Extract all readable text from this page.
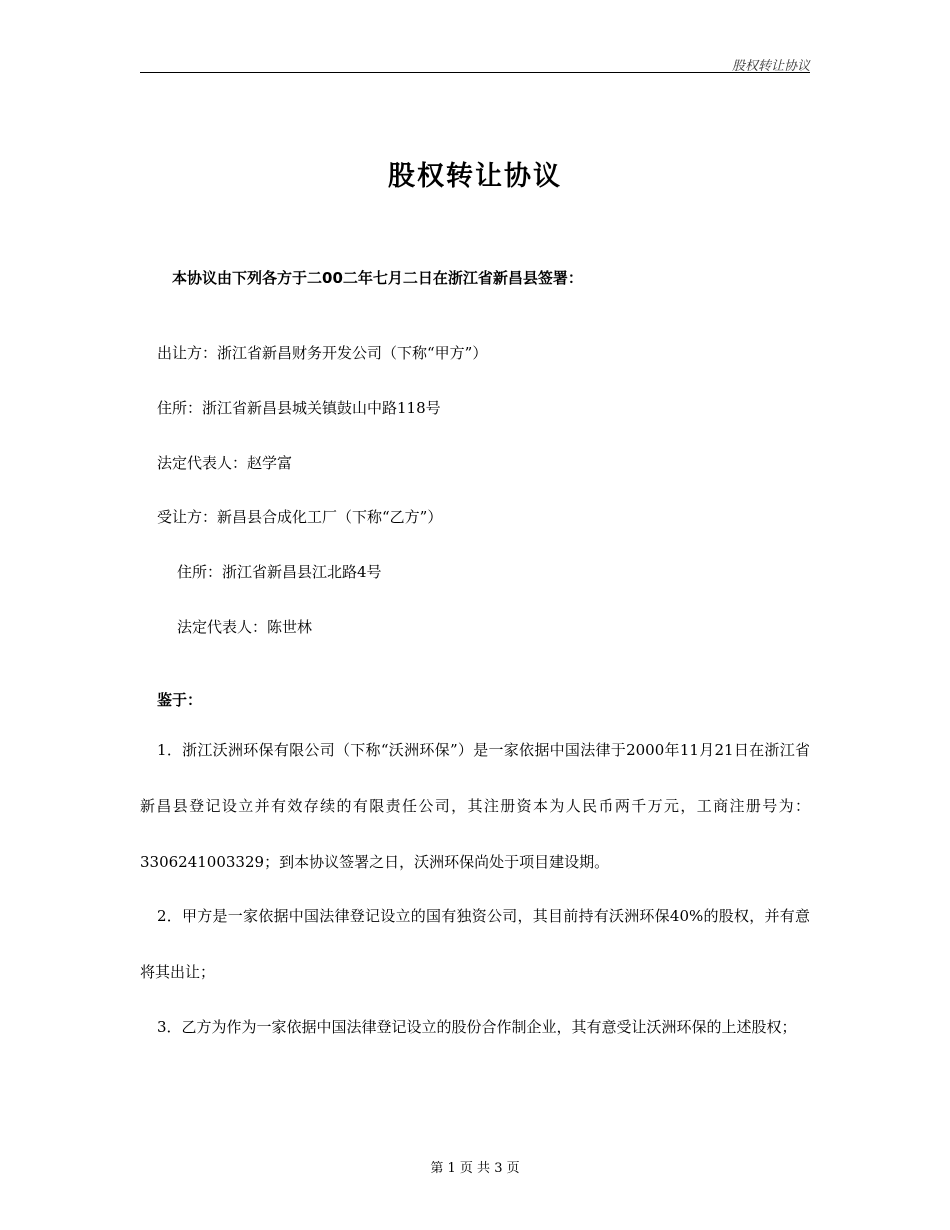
股权转让协议
股权转让协议
本协议由下列各方于二00二年七月二日在浙江省新昌县签署：
出让方：浙江省新昌财务开发公司（下称“甲方”）
住所：浙江省新昌县城关镇鼓山中路118号
法定代表人：赵学富
受让方：新昌县合成化工厂（下称“乙方”）
住所：浙江省新昌县江北路4号
法定代表人：陈世林
鉴于：
1．浙江沃洲环保有限公司（下称“沃洲环保”）是一家依据中国法律于2000年11月21日在浙江省新昌县登记设立并有效存续的有限责任公司，其注册资本为人民币两千万元，工商注册号为：3306241003329；到本协议签署之日，沃洲环保尚处于项目建设期。
2．甲方是一家依据中国法律登记设立的国有独资公司，其目前持有沃洲环保40%的股权，并有意将其出让；
3．乙方为作为一家依据中国法律登记设立的股份合作制企业，其有意受让沃洲环保的上述股权；
第 1 页 共 3 页
